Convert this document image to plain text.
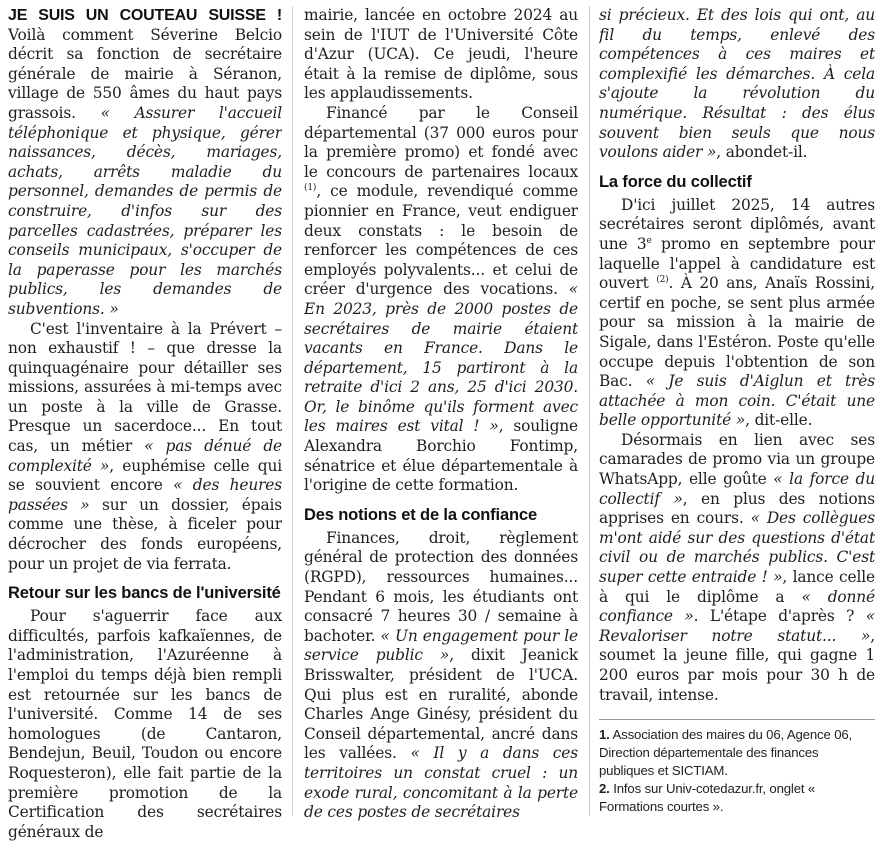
JE SUIS UN COUTEAU SUISSE ! Voilà comment Séverine Belcio décrit sa fonction de secrétaire générale de mairie à Séranon, village de 550 âmes du haut pays grassois. « Assurer l'accueil téléphonique et physique, gérer naissances, décès, mariages, achats, arrêts maladie du personnel, demandes de permis de construire, d'infos sur des parcelles cadastrées, préparer les conseils municipaux, s'occuper de la paperasse pour les marchés publics, les demandes de subventions. »

C'est l'inventaire à la Prévert – non exhaustif ! – que dresse la quinquagénaire pour détailler ses missions, assurées à mi-temps avec un poste à la ville de Grasse. Presque un sacerdoce... En tout cas, un métier « pas dénué de complexité », euphémise celle qui se souvient encore « des heures passées » sur un dossier, épais comme une thèse, à ficeler pour décrocher des fonds européens, pour un projet de via ferrata.

Retour sur les bancs de l'université

Pour s'aguerrir face aux difficultés, parfois kafkaïennes, de l'administration, l'Azuréenne à l'emploi du temps déjà bien rempli est retournée sur les bancs de l'université. Comme 14 de ses homologues (de Cantaron, Bendejun, Beuil, Toudon ou encore Roquesteron), elle fait partie de la première promotion de la Certification des secrétaires généraux de

mairie, lancée en octobre 2024 au sein de l'IUT de l'Université Côte d'Azur (UCA). Ce jeudi, l'heure était à la remise de diplôme, sous les applaudissements.

Financé par le Conseil départemental (37 000 euros pour la première promo) et fondé avec le concours de partenaires locaux $^{(1)}$, ce module, revendiqué comme pionnier en France, veut endiguer deux constats : le besoin de renforcer les compétences de ces employés polyvalents... et celui de créer d'urgence des vocations. « En 2023, près de 2000 postes de secrétaires de mairie étaient vacants en France. Dans le département, 15 partiront à la retraite d'ici 2 ans, 25 d'ici 2030. Or, le binôme qu'ils forment avec les maires est vital ! », souligne Alexandra Borchio Fontimp, sénatrice et élue départementale à l'origine de cette formation.

Des notions et de la confiance

Finances, droit, règlement général de protection des données (RGPD), ressources humaines... Pendant 6 mois, les étudiants ont consacré 7 heures 30 / semaine à bachoter. « Un engagement pour le service public », dixit Jeanick Brisswalter, président de l'UCA. Qui plus est en ruralité, abonde Charles Ange Ginésy, président du Conseil départemental, ancré dans les vallées. « Il y a dans ces territoires un constat cruel : un exode rural, concomitant à la perte de ces postes de secrétaires

si précieux. Et des lois qui ont, au fil du temps, enlevé des compétences à ces maires et complexifié les démarches. À cela s'ajoute la révolution du numérique. Résultat : des élus souvent bien seuls que nous voulons aider », abondet-il.

La force du collectif

D'ici juillet 2025, 14 autres secrétaires seront diplômés, avant une 3e promo en septembre pour laquelle l'appel à candidature est ouvert $^{(2)}$. À 20 ans, Anaïs Rossini, certif en poche, se sent plus armée pour sa mission à la mairie de Sigale, dans l'Estéron. Poste qu'elle occupe depuis l'obtention de son Bac. « Je suis d'Aiglun et très attachée à mon coin. C'était une belle opportunité », dit-elle.

Désormais en lien avec ses camarades de promo via un groupe WhatsApp, elle goûte « la force du collectif », en plus des notions apprises en cours. « Des collègues m'ont aidé sur des questions d'état civil ou de marchés publics. C'est super cette entraide ! », lance celle à qui le diplôme a « donné confiance ». L'étape d'après ? « Revaloriser notre statut... », soumet la jeune fille, qui gagne 1 200 euros par mois pour 30 h de travail, intense.

1. Association des maires du 06, Agence 06, Direction départementale des finances publiques et SICTIAM.

2. Infos sur Univ-cotedazur.fr, onglet « Formations courtes ».
